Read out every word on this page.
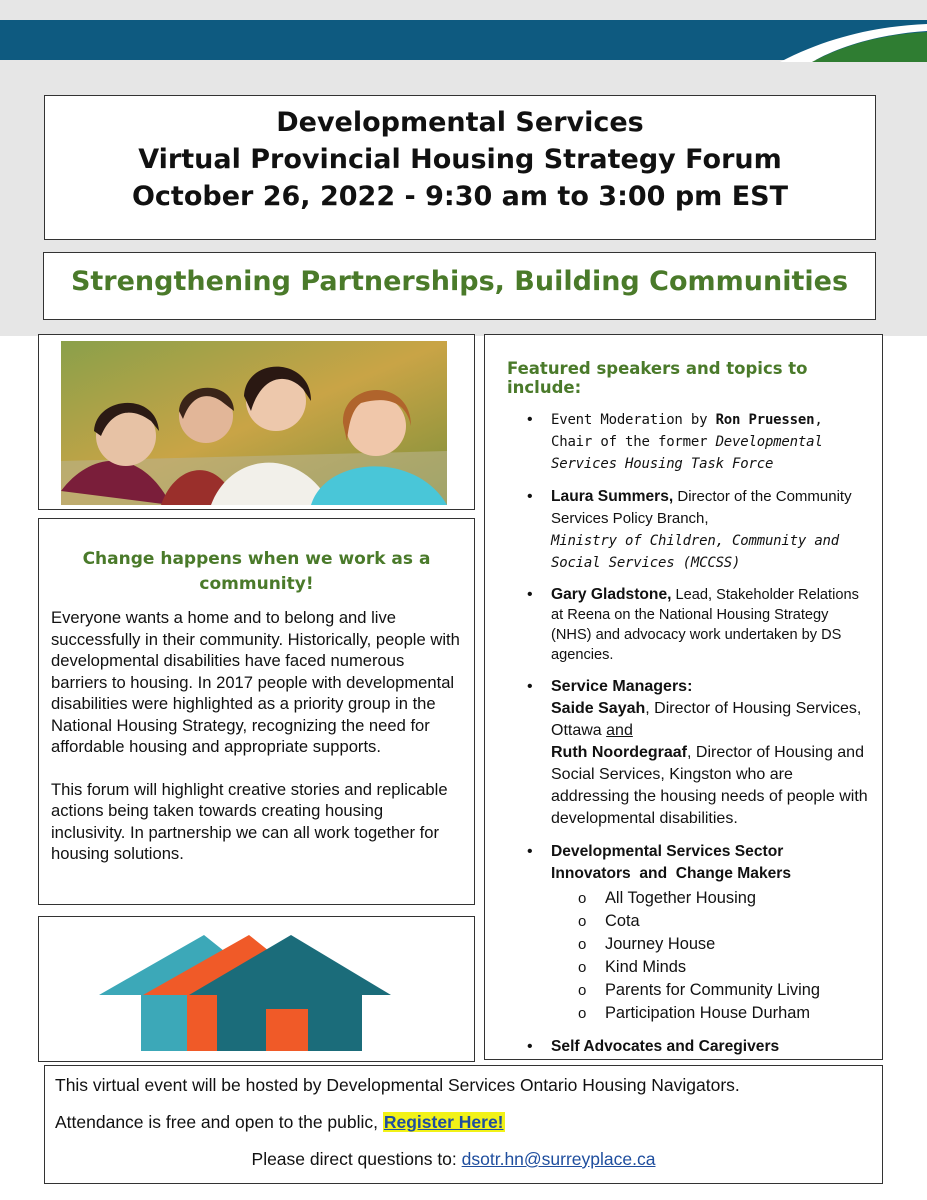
Developmental Services
Virtual Provincial Housing Strategy Forum
October 26, 2022 - 9:30 am to 3:00 pm EST
Strengthening Partnerships, Building Communities
Change happens when we work as a
community!

Everyone wants a home and to belong and live successfully in their community. Historically, people with developmental disabilities have faced numerous barriers to housing. In 2017 people with developmental disabilities were highlighted as a priority group in the National Housing Strategy, recognizing the need for affordable housing and appropriate supports.

This forum will highlight creative stories and replicable actions being taken towards creating housing inclusivity. In partnership we can all work together for housing solutions.

Featured speakers and topics to include:
• Event Moderation by Ron Pruessen,
Chair of the former Developmental Services Housing Task Force
• Laura Summers, Director of the Community Services Policy Branch,
Ministry of Children, Community and Social Services (MCCSS)
• Gary Gladstone, Lead, Stakeholder Relations at Reena on the National Housing Strategy (NHS) and advocacy work undertaken by DS agencies.
• Service Managers:
Saide Sayah, Director of Housing Services, Ottawa and
Ruth Noordegraaf, Director of Housing and Social Services, Kingston who are addressing the housing needs of people with developmental disabilities.
• Developmental Services Sector
Innovators  and  Change Makers
o All Together Housing
o Cota
o Journey House
o Kind Minds
o Parents for Community Living
o Participation House Durham
• Self Advocates and Caregivers
This virtual event will be hosted by Developmental Services Ontario Housing Navigators.
Attendance is free and open to the public, Register Here!
Please direct questions to: dsotr.hn@surreyplace.ca
